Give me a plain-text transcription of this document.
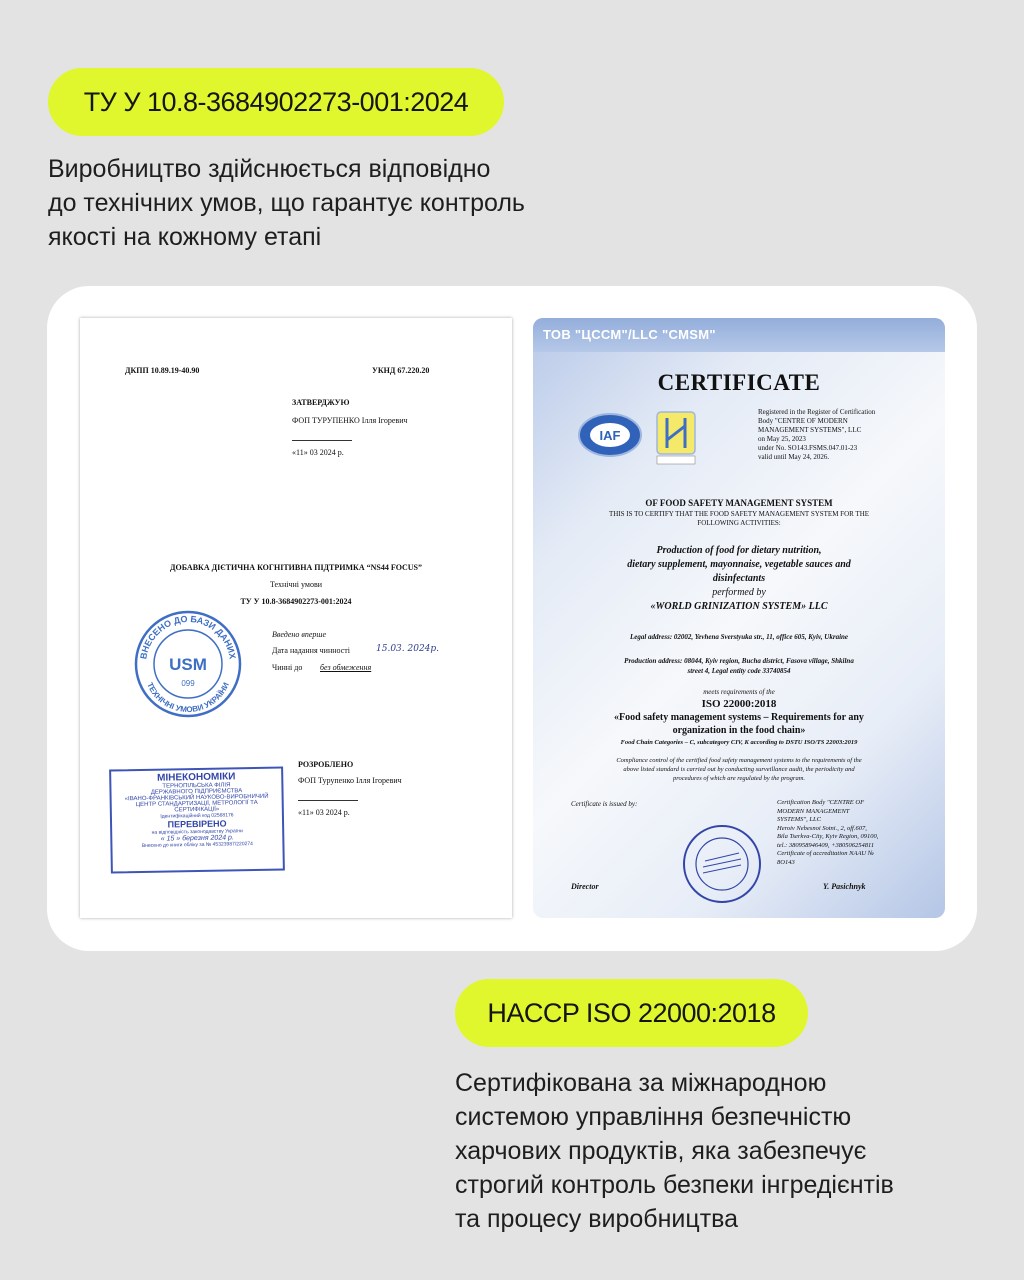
ТУ У 10.8-3684902273-001:2024
Виробництво здійснюється відповідно
до технічних умов, що гарантує контроль
якості на кожному етапі
ДКПП 10.89.19-40.90	УКНД 67.220.20
ЗАТВЕРДЖУЮ
ФОП ТУРУПЕНКО Ілля Ігоревич
«11» 03 2024 р.
ДОБАВКА ДІЄТИЧНА КОГНІТИВНА ПІДТРИМКА “NS44 FOCUS”
Технічні умови
ТУ У 10.8-3684902273-001:2024
ВНЕСЕНО ДО БАЗИ ДАНИХ
ТЕХНІЧНІ УМОВИ УКРАЇНИ
USM
099
Введено вперше
Дата надання чинності	15.03. 2024р.
Чинні до без обмеження
РОЗРОБЛЕНО
ФОП Турупенко Ілля Ігоревич
«11» 03 2024 р.
МІНЕКОНОМІКИ
ТЕРНОПІЛЬСЬКА ФІЛІЯ
ДЕРЖАВНОГО ПІДПРИЄМСТВА
«ІВАНО-ФРАНКІВСЬКИЙ НАУКОВО-ВИРОБНИЧИЙ
ЦЕНТР СТАНДАРТИЗАЦІЇ, МЕТРОЛОГІЇ ТА
СЕРТИФІКАЦІЇ»
Ідентифікаційний код 02568176
ПЕРЕВІРЕНО
на відповідність законодавству України
« 15 » березня 2024 р.
Внесено до книги обліку за № 45323987/220274
ТОВ "ЦССМ"/LLC "CMSM"
CERTIFICATE
IAF
Registered in the Register of Certification
Body "CENTRE OF MODERN
MANAGEMENT SYSTEMS", LLC
on May 25, 2023
under No. SO143.FSMS.047.01-23
valid until May 24, 2026.
OF FOOD SAFETY MANAGEMENT SYSTEM
THIS IS TO CERTIFY THAT THE FOOD SAFETY MANAGEMENT SYSTEM FOR THE
FOLLOWING ACTIVITIES:
Production of food for dietary nutrition,
dietary supplement, mayonnaise, vegetable sauces and
disinfectants
performed by
«WORLD GRINIZATION SYSTEM» LLC
Legal address: 02002, Yevhena Sverstyuka str., 11, office 605, Kyiv, Ukraine
Production address: 08044, Kyiv region, Bucha district, Fasova village, Shkilna
street 4, Legal entity code 33740854
meets requirements of the
ISO 22000:2018
«Food safety management systems – Requirements for any
organization in the food chain»
Food Chain Categories – C, subcategory CIV, K according to DSTU ISO/TS 22003:2019
Compliance control of the certified food safety management systems to the requirements of the
above listed standard is carried out by conducting surveillance audit, the periodicity and
procedures of which are regulated by the program.
Certificate is issued by:	Certification Body "CENTRE OF
MODERN MANAGEMENT
SYSTEMS", LLC
Heroiv Nebesnoi Sotni., 2, off.607,
Bila Tserkva-City, Kyiv Region, 09100,
tel.: 380958946409, +380506254811
Certificate of accreditation NAAU №
8O143
Director	Y. Pasichnyk
HACCP ISO 22000:2018
Сертифікована за міжнародною
системою управління безпечністю
харчових продуктів, яка забезпечує
строгий контроль безпеки інгредієнтів
та процесу виробництва
